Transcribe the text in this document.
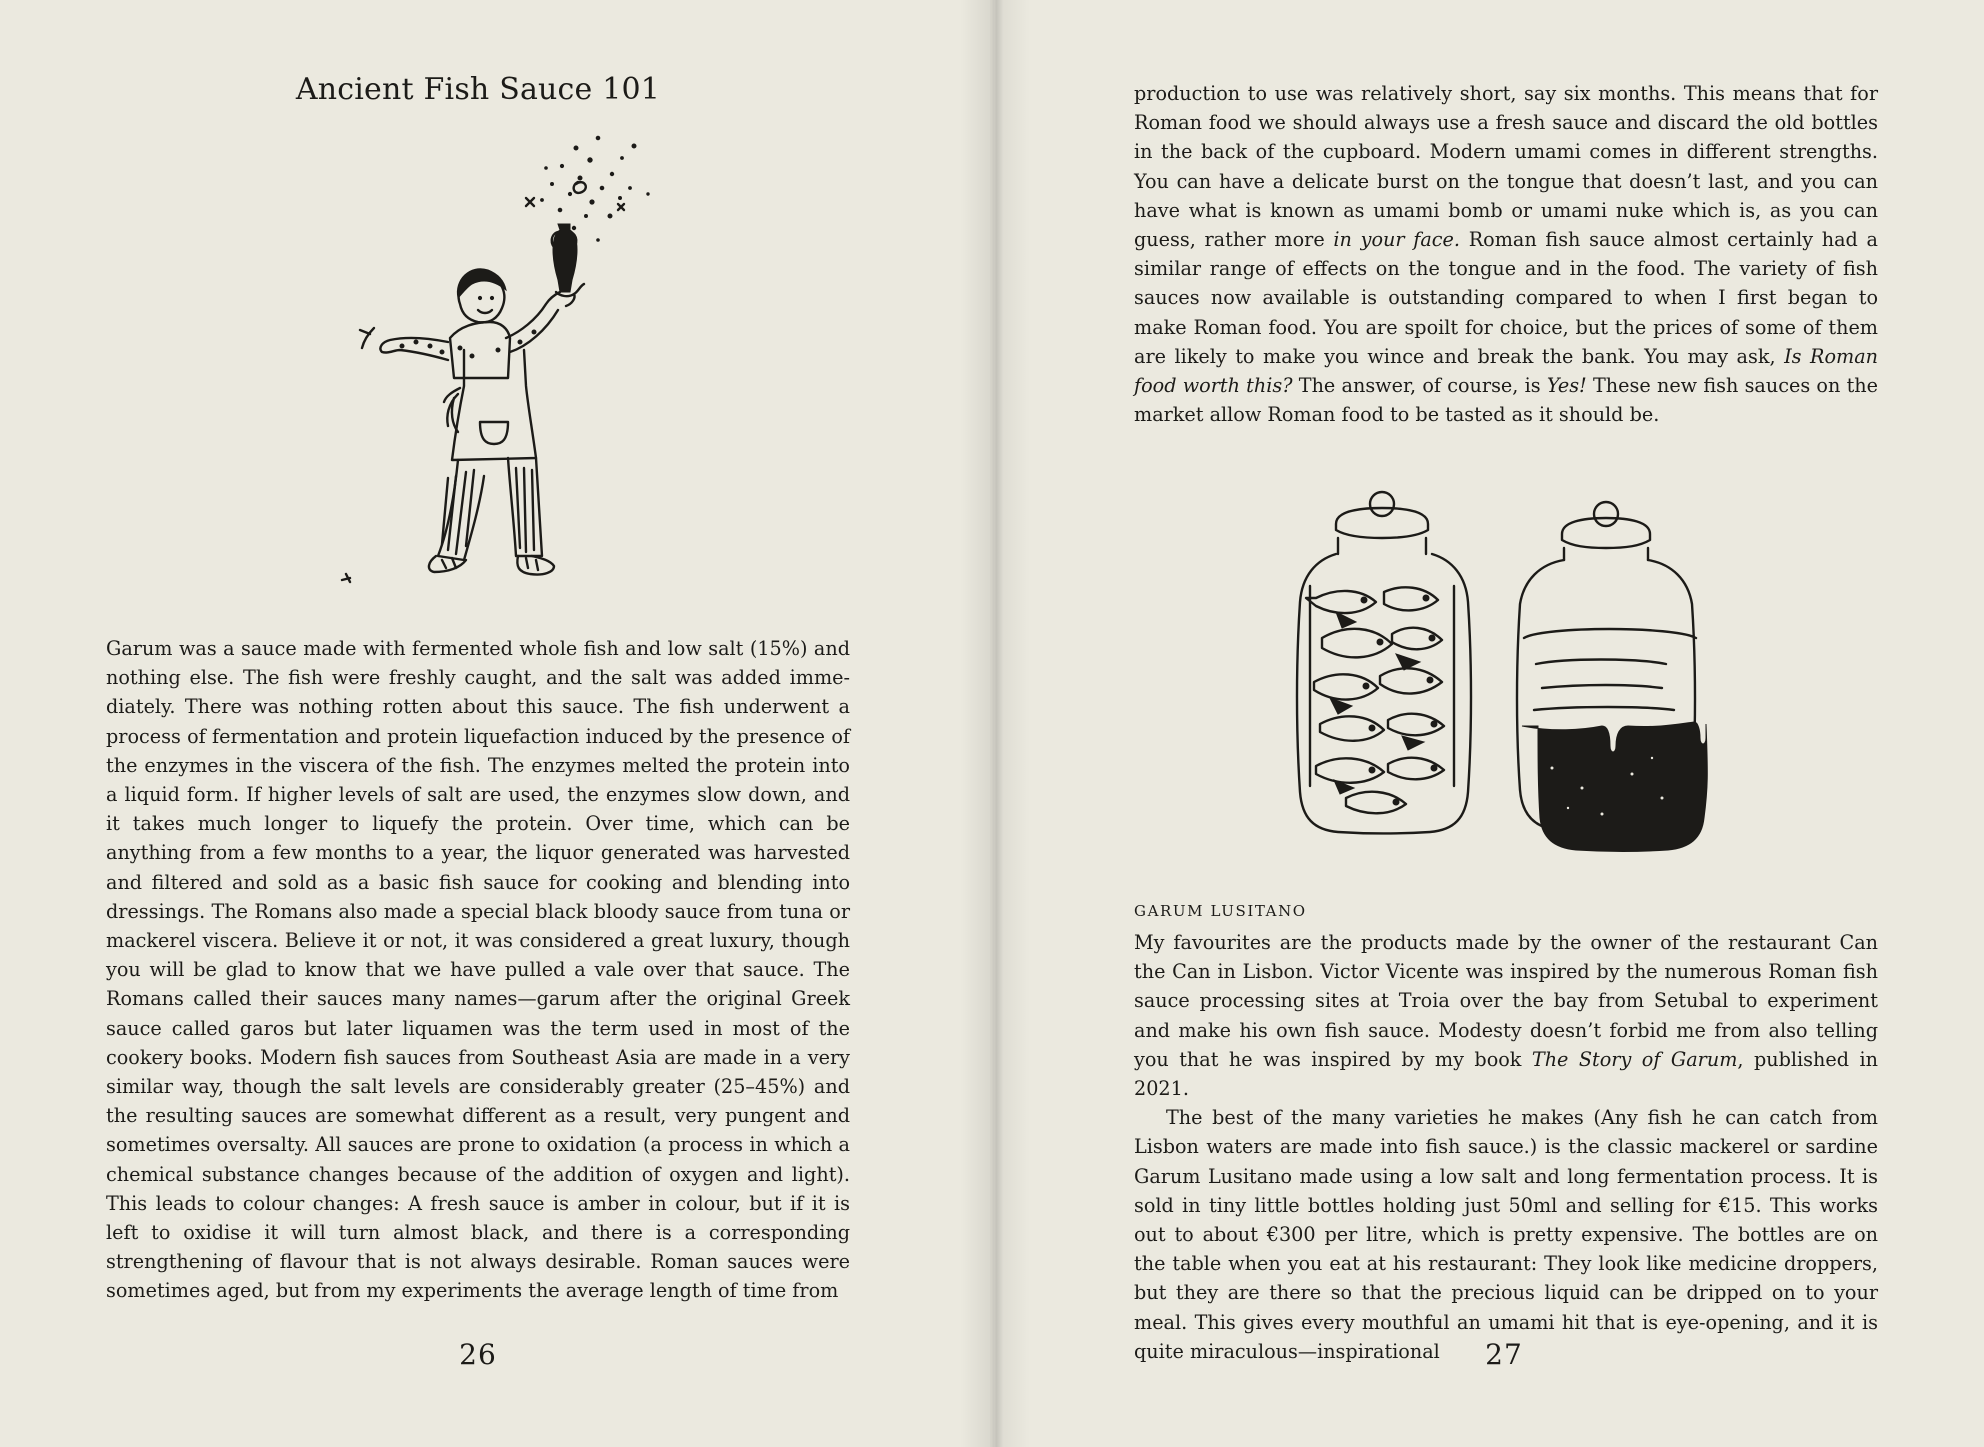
Ancient Fish Sauce 101

Garum was a sauce made with fermented whole fish and low salt (15%) and nothing else. The fish were freshly caught, and the salt was added immediately. There was nothing rotten about this sauce. The fish underwent a process of fermentation and protein liquefaction induced by the presence of the enzymes in the viscera of the fish. The enzymes melted the protein into a liquid form. If higher levels of salt are used, the enzymes slow down, and it takes much longer to liquefy the protein. Over time, which can be anything from a few months to a year, the liquor generated was harvested and filtered and sold as a basic fish sauce for cooking and blending into dressings. The Romans also made a special black bloody sauce from tuna or mackerel viscera. Believe it or not, it was considered a great luxury, though you will be glad to know that we have pulled a vale over that sauce. The Romans called their sauces many names—garum after the original Greek sauce called garos but later liquamen was the term used in most of the cookery books. Modern fish sauces from Southeast Asia are made in a very similar way, though the salt levels are considerably greater (25–45%) and the resulting sauces are somewhat different as a result, very pungent and sometimes oversalty. All sauces are prone to oxidation (a process in which a chemical substance changes because of the addition of oxygen and light). This leads to colour changes: A fresh sauce is amber in colour, but if it is left to oxidise it will turn almost black, and there is a corresponding strengthening of flavour that is not always desirable. Roman sauces were sometimes aged, but from my experiments the average length of time from

26

production to use was relatively short, say six months. This means that for Roman food we should always use a fresh sauce and discard the old bottles in the back of the cupboard. Modern umami comes in different strengths. You can have a delicate burst on the tongue that doesn’t last, and you can have what is known as umami bomb or umami nuke which is, as you can guess, rather more in your face. Roman fish sauce almost certainly had a similar range of effects on the tongue and in the food. The variety of fish sauces now available is outstanding compared to when I first began to make Roman food. You are spoilt for choice, but the prices of some of them are likely to make you wince and break the bank. You may ask, Is Roman food worth this? The answer, of course, is Yes! These new fish sauces on the market allow Roman food to be tasted as it should be.

GARUM LUSITANO

My favourites are the products made by the owner of the restaurant Can the Can in Lisbon. Victor Vicente was inspired by the numerous Roman fish sauce processing sites at Troia over the bay from Setubal to experiment and make his own fish sauce. Modesty doesn’t forbid me from also telling you that he was inspired by my book The Story of Garum, published in 2021.

The best of the many varieties he makes (Any fish he can catch from Lisbon waters are made into fish sauce.) is the classic mackerel or sardine Garum Lusitano made using a low salt and long fermentation process. It is sold in tiny little bottles holding just 50ml and selling for €15. This works out to about €300 per litre, which is pretty expensive. The bottles are on the table when you eat at his restaurant: They look like medicine droppers, but they are there so that the precious liquid can be dripped on to your meal. This gives every mouthful an umami hit that is eye-opening, and it is quite miraculous—inspirational	27
